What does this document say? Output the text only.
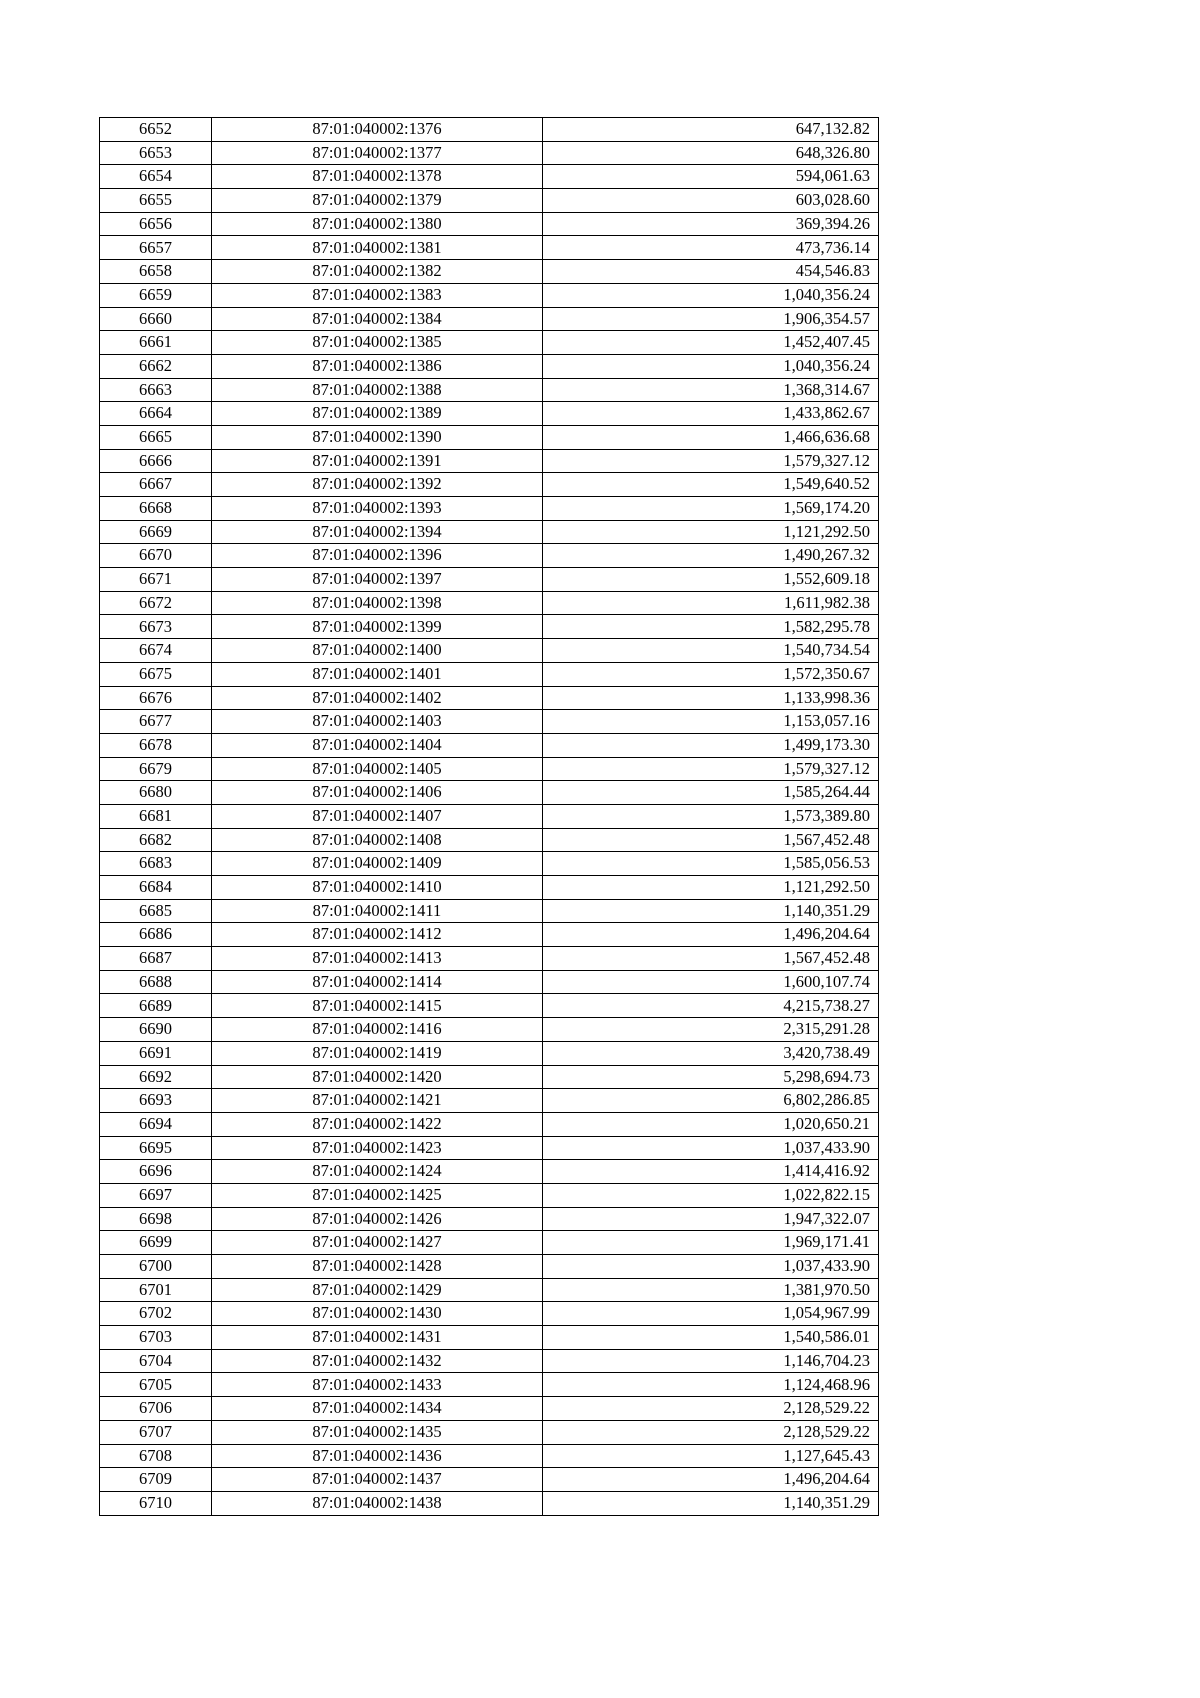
6652	87:01:040002:1376	647,132.82
6653	87:01:040002:1377	648,326.80
6654	87:01:040002:1378	594,061.63
6655	87:01:040002:1379	603,028.60
6656	87:01:040002:1380	369,394.26
6657	87:01:040002:1381	473,736.14
6658	87:01:040002:1382	454,546.83
6659	87:01:040002:1383	1,040,356.24
6660	87:01:040002:1384	1,906,354.57
6661	87:01:040002:1385	1,452,407.45
6662	87:01:040002:1386	1,040,356.24
6663	87:01:040002:1388	1,368,314.67
6664	87:01:040002:1389	1,433,862.67
6665	87:01:040002:1390	1,466,636.68
6666	87:01:040002:1391	1,579,327.12
6667	87:01:040002:1392	1,549,640.52
6668	87:01:040002:1393	1,569,174.20
6669	87:01:040002:1394	1,121,292.50
6670	87:01:040002:1396	1,490,267.32
6671	87:01:040002:1397	1,552,609.18
6672	87:01:040002:1398	1,611,982.38
6673	87:01:040002:1399	1,582,295.78
6674	87:01:040002:1400	1,540,734.54
6675	87:01:040002:1401	1,572,350.67
6676	87:01:040002:1402	1,133,998.36
6677	87:01:040002:1403	1,153,057.16
6678	87:01:040002:1404	1,499,173.30
6679	87:01:040002:1405	1,579,327.12
6680	87:01:040002:1406	1,585,264.44
6681	87:01:040002:1407	1,573,389.80
6682	87:01:040002:1408	1,567,452.48
6683	87:01:040002:1409	1,585,056.53
6684	87:01:040002:1410	1,121,292.50
6685	87:01:040002:1411	1,140,351.29
6686	87:01:040002:1412	1,496,204.64
6687	87:01:040002:1413	1,567,452.48
6688	87:01:040002:1414	1,600,107.74
6689	87:01:040002:1415	4,215,738.27
6690	87:01:040002:1416	2,315,291.28
6691	87:01:040002:1419	3,420,738.49
6692	87:01:040002:1420	5,298,694.73
6693	87:01:040002:1421	6,802,286.85
6694	87:01:040002:1422	1,020,650.21
6695	87:01:040002:1423	1,037,433.90
6696	87:01:040002:1424	1,414,416.92
6697	87:01:040002:1425	1,022,822.15
6698	87:01:040002:1426	1,947,322.07
6699	87:01:040002:1427	1,969,171.41
6700	87:01:040002:1428	1,037,433.90
6701	87:01:040002:1429	1,381,970.50
6702	87:01:040002:1430	1,054,967.99
6703	87:01:040002:1431	1,540,586.01
6704	87:01:040002:1432	1,146,704.23
6705	87:01:040002:1433	1,124,468.96
6706	87:01:040002:1434	2,128,529.22
6707	87:01:040002:1435	2,128,529.22
6708	87:01:040002:1436	1,127,645.43
6709	87:01:040002:1437	1,496,204.64
6710	87:01:040002:1438	1,140,351.29
